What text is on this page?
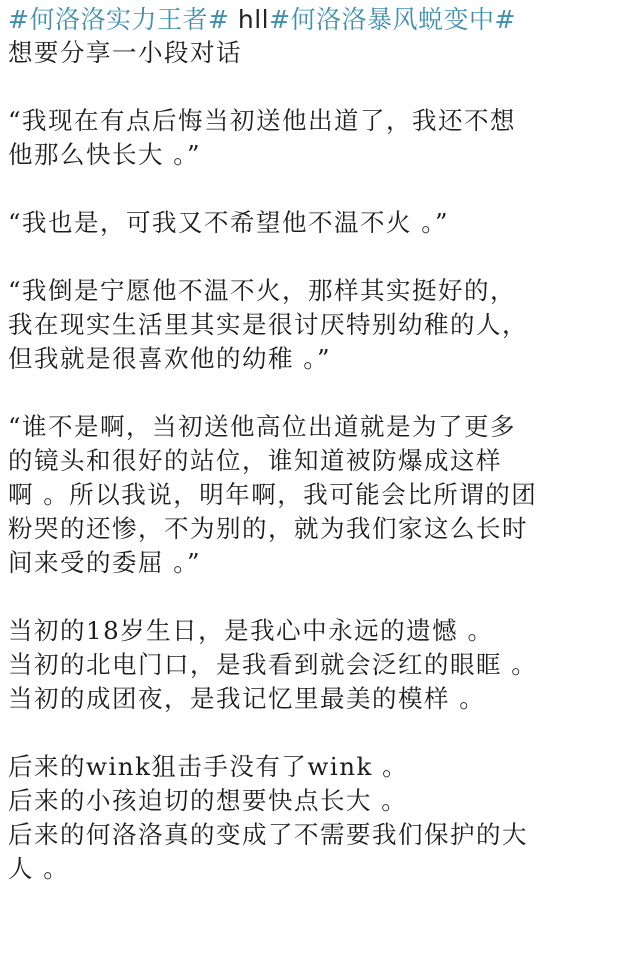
#何洛洛实力王者# hll#何洛洛暴风蜕变中#
想要分享一小段对话
“我现在有点后悔当初送他出道了，我还不想
他那么快长大 。”
“我也是，可我又不希望他不温不火 。”
“我倒是宁愿他不温不火，那样其实挺好的，
我在现实生活里其实是很讨厌特别幼稚的人，
但我就是很喜欢他的幼稚 。”
“谁不是啊，当初送他高位出道就是为了更多
的镜头和很好的站位，谁知道被防爆成这样
啊 。所以我说，明年啊，我可能会比所谓的团
粉哭的还惨，不为别的，就为我们家这么长时
间来受的委屈 。”
当初的18岁生日，是我心中永远的遗憾 。
当初的北电门口，是我看到就会泛红的眼眶 。
当初的成团夜，是我记忆里最美的模样 。
后来的wink狙击手没有了wink 。
后来的小孩迫切的想要快点长大 。
后来的何洛洛真的变成了不需要我们保护的大
人 。
